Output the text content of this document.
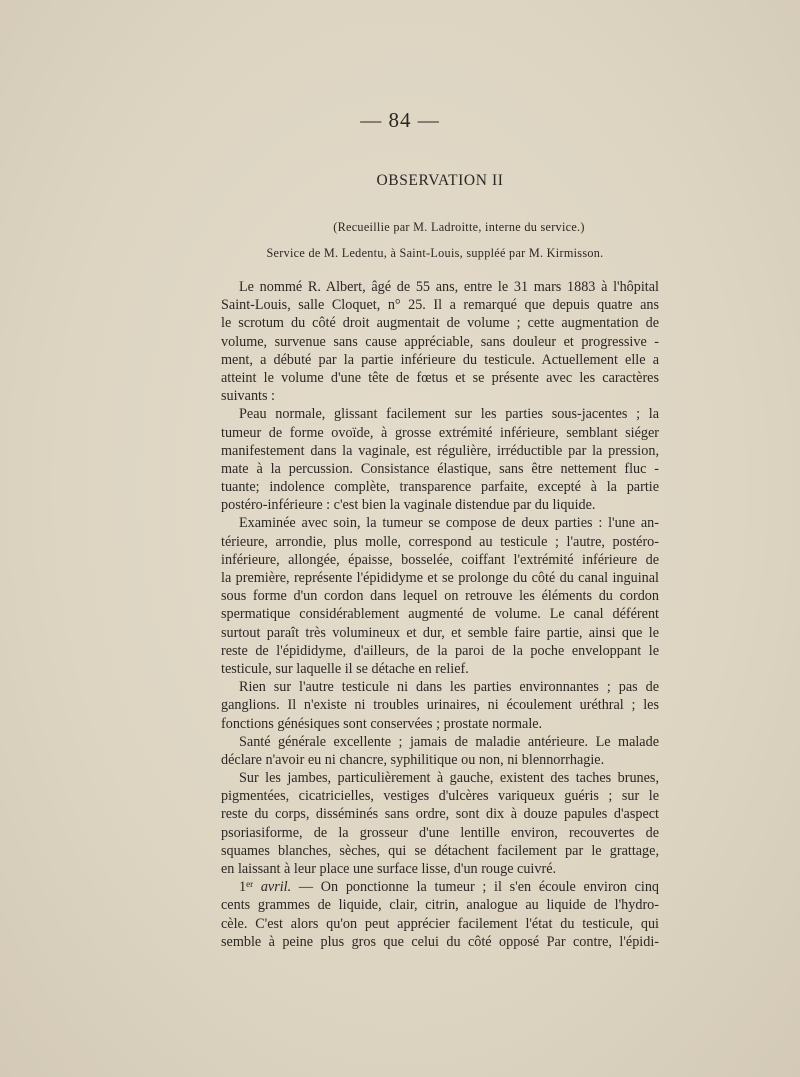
— 84 —
OBSERVATION II
(Recueillie par M. Ladroitte, interne du service.)
Service de M. Ledentu, à Saint-Louis, suppléé par M. Kirmisson.
Le nommé R. Albert, âgé de 55 ans, entre le 31 mars 1883 à l'hôpital
Saint-Louis, salle Cloquet, n° 25. Il a remarqué que depuis quatre ans
le scrotum du côté droit augmentait de volume ; cette augmentation de
volume, survenue sans cause appréciable, sans douleur et progressive -
ment, a débuté par la partie inférieure du testicule. Actuellement elle a
atteint le volume d'une tête de fœtus et se présente avec les caractères
suivants :
Peau normale, glissant facilement sur les parties sous-jacentes ; la
tumeur de forme ovoïde, à grosse extrémité inférieure, semblant siéger
manifestement dans la vaginale, est régulière, irréductible par la pression,
mate à la percussion. Consistance élastique, sans être nettement fluc -
tuante; indolence complète, transparence parfaite, excepté à la partie
postéro-inférieure : c'est bien la vaginale distendue par du liquide.
Examinée avec soin, la tumeur se compose de deux parties : l'une an-
térieure, arrondie, plus molle, correspond au testicule ; l'autre, postéro-
inférieure, allongée, épaisse, bosselée, coiffant l'extrémité inférieure de
la première, représente l'épididyme et se prolonge du côté du canal inguinal
sous forme d'un cordon dans lequel on retrouve les éléments du cordon
spermatique considérablement augmenté de volume. Le canal déférent
surtout paraît très volumineux et dur, et semble faire partie, ainsi que le
reste de l'épididyme, d'ailleurs, de la paroi de la poche enveloppant le
testicule, sur laquelle il se détache en relief.
Rien sur l'autre testicule ni dans les parties environnantes ; pas de
ganglions. Il n'existe ni troubles urinaires, ni écoulement uréthral ; les
fonctions génésiques sont conservées ; prostate normale.
Santé générale excellente ; jamais de maladie antérieure. Le malade
déclare n'avoir eu ni chancre, syphilitique ou non, ni blennorrhagie.
Sur les jambes, particulièrement à gauche, existent des taches brunes,
pigmentées, cicatricielles, vestiges d'ulcères variqueux guéris ; sur le
reste du corps, disséminés sans ordre, sont dix à douze papules d'aspect
psoriasiforme, de la grosseur d'une lentille environ, recouvertes de
squames blanches, sèches, qui se détachent facilement par le grattage,
en laissant à leur place une surface lisse, d'un rouge cuivré.
1er avril. — On ponctionne la tumeur ; il s'en écoule environ cinq
cents grammes de liquide, clair, citrin, analogue au liquide de l'hydro-
cèle. C'est alors qu'on peut apprécier facilement l'état du testicule, qui
semble à peine plus gros que celui du côté opposé Par contre, l'épidi-
